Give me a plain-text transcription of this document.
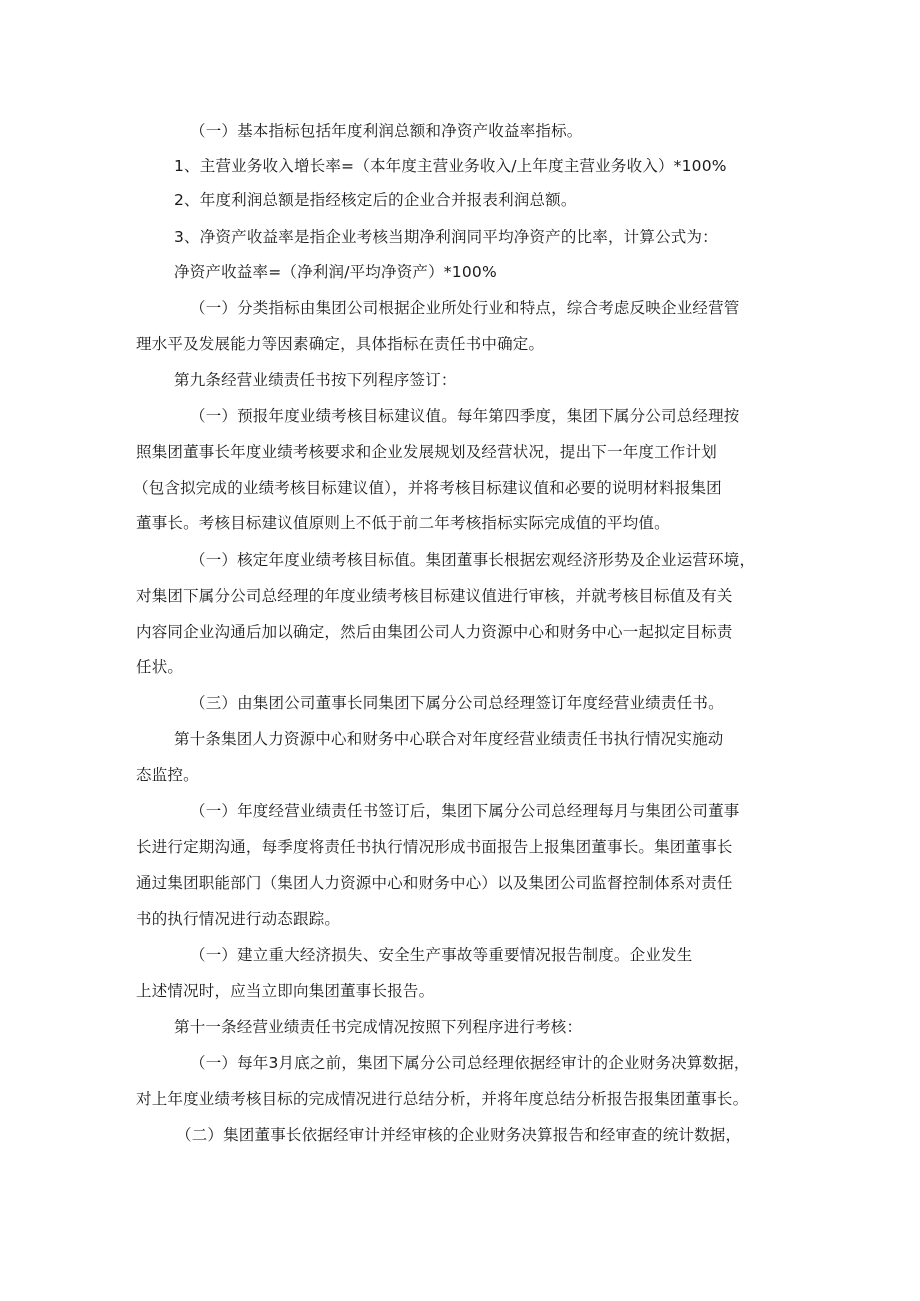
（一）基本指标包括年度利润总额和净资产收益率指标。
1、主营业务收入增长率=（本年度主营业务收入/上年度主营业务收入）*100%
2、年度利润总额是指经核定后的企业合并报表利润总额。
3、净资产收益率是指企业考核当期净利润同平均净资产的比率，计算公式为：
净资产收益率=（净利润/平均净资产）*100%
（一）分类指标由集团公司根据企业所处行业和特点，综合考虑反映企业经营管
理水平及发展能力等因素确定，具体指标在责任书中确定。
第九条经营业绩责任书按下列程序签订：
（一）预报年度业绩考核目标建议值。每年第四季度，集团下属分公司总经理按
照集团董事长年度业绩考核要求和企业发展规划及经营状况，提出下一年度工作计划
（包含拟完成的业绩考核目标建议值），并将考核目标建议值和必要的说明材料报集团
董事长。考核目标建议值原则上不低于前二年考核指标实际完成值的平均值。
（一）核定年度业绩考核目标值。集团董事长根据宏观经济形势及企业运营环境，
对集团下属分公司总经理的年度业绩考核目标建议值进行审核，并就考核目标值及有关
内容同企业沟通后加以确定，然后由集团公司人力资源中心和财务中心一起拟定目标责
任状。
（三）由集团公司董事长同集团下属分公司总经理签订年度经营业绩责任书。
第十条集团人力资源中心和财务中心联合对年度经营业绩责任书执行情况实施动
态监控。
（一）年度经营业绩责任书签订后，集团下属分公司总经理每月与集团公司董事
长进行定期沟通，每季度将责任书执行情况形成书面报告上报集团董事长。集团董事长
通过集团职能部门（集团人力资源中心和财务中心）以及集团公司监督控制体系对责任
书的执行情况进行动态跟踪。
（一）建立重大经济损失、安全生产事故等重要情况报告制度。企业发生
上述情况时，应当立即向集团董事长报告。
第十一条经营业绩责任书完成情况按照下列程序进行考核：
（一）每年3月底之前，集团下属分公司总经理依据经审计的企业财务决算数据，
对上年度业绩考核目标的完成情况进行总结分析，并将年度总结分析报告报集团董事长。
（二）集团董事长依据经审计并经审核的企业财务决算报告和经审查的统计数据，
